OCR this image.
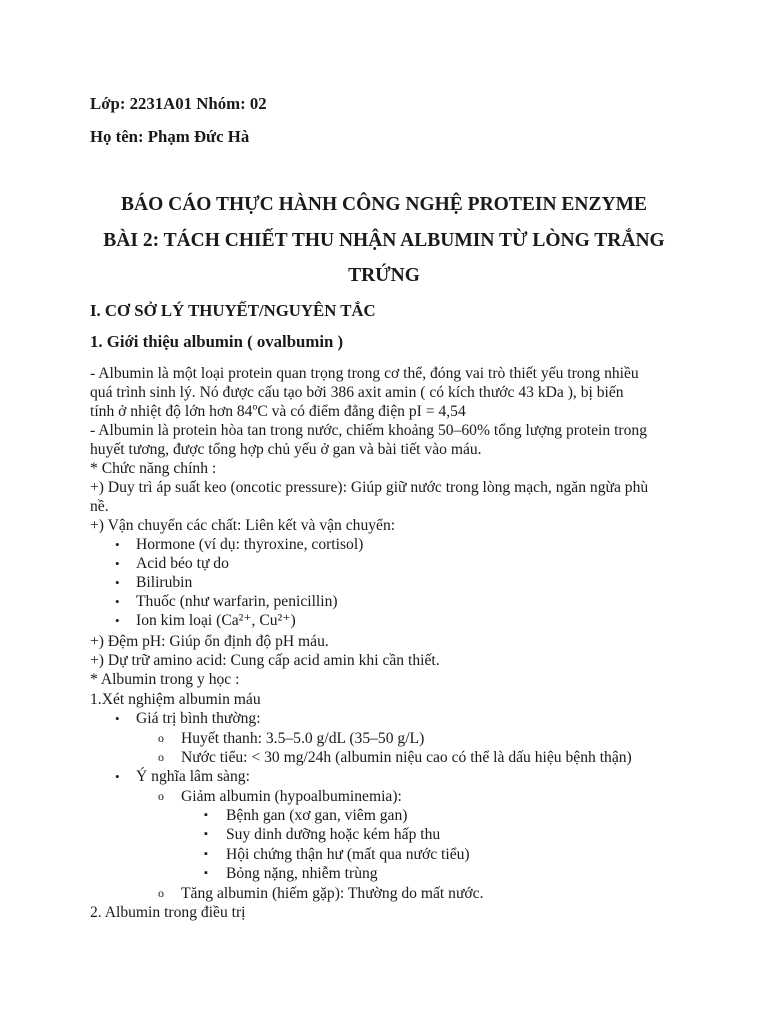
Lớp: 2231A01 Nhóm: 02
Họ tên: Phạm Đức Hà
BÁO CÁO THỰC HÀNH CÔNG NGHỆ PROTEIN ENZYME
BÀI 2: TÁCH CHIẾT THU NHẬN ALBUMIN TỪ LÒNG TRẮNG
TRỨNG
I. CƠ SỞ LÝ THUYẾT/NGUYÊN TẮC
1. Giới thiệu albumin ( ovalbumin )
- Albumin là một loại protein quan trọng trong cơ thể, đóng vai trò thiết yếu trong nhiều
quá trình sinh lý. Nó được cấu tạo bởi 386 axit amin ( có kích thước 43 kDa ), bị biến
tính ở nhiệt độ lớn hơn 84ºC và có điểm đẳng điện pI = 4,54
- Albumin là protein hòa tan trong nước, chiếm khoảng 50–60% tổng lượng protein trong
huyết tương, được tổng hợp chủ yếu ở gan và bài tiết vào máu.
* Chức năng chính :
+) Duy trì áp suất keo (oncotic pressure): Giúp giữ nước trong lòng mạch, ngăn ngừa phù
nề.
+) Vận chuyển các chất: Liên kết và vận chuyển:
• Hormone (ví dụ: thyroxine, cortisol)
• Acid béo tự do
• Bilirubin
• Thuốc (như warfarin, penicillin)
• Ion kim loại (Ca²⁺, Cu²⁺)
+) Đệm pH: Giúp ổn định độ pH máu.
+) Dự trữ amino acid: Cung cấp acid amin khi cần thiết.
* Albumin trong y học :
1.Xét nghiệm albumin máu
• Giá trị bình thường:
o Huyết thanh: 3.5–5.0 g/dL (35–50 g/L)
o Nước tiểu: < 30 mg/24h (albumin niệu cao có thể là dấu hiệu bệnh thận)
• Ý nghĩa lâm sàng:
o Giảm albumin (hypoalbuminemia):
▪ Bệnh gan (xơ gan, viêm gan)
▪ Suy dinh dưỡng hoặc kém hấp thu
▪ Hội chứng thận hư (mất qua nước tiểu)
▪ Bỏng nặng, nhiễm trùng
o Tăng albumin (hiếm gặp): Thường do mất nước.
2. Albumin trong điều trị
